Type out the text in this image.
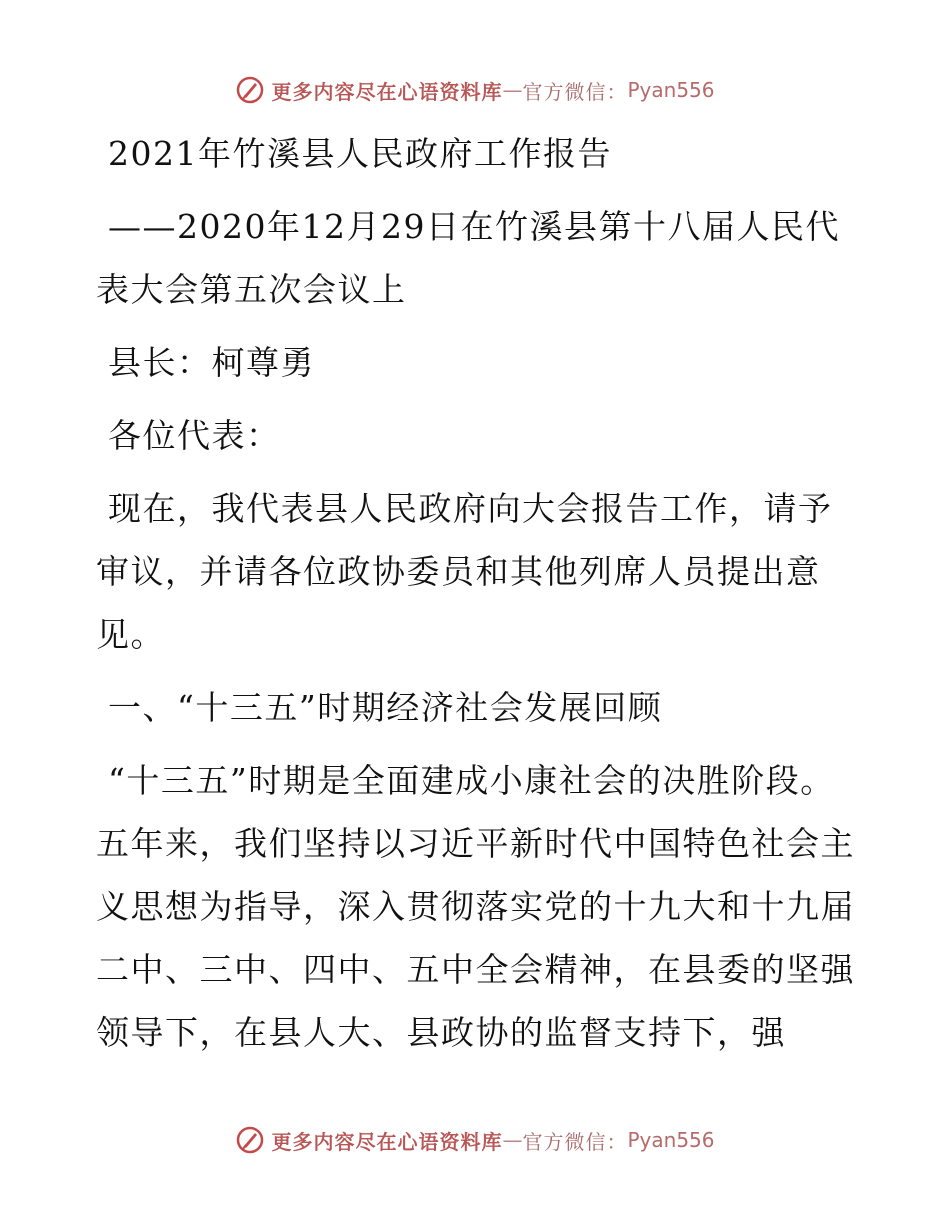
更多内容尽在心语资料库 — 官方微信： Pyan556

2021年竹溪县人民政府工作报告

——2020年12月29日在竹溪县第十八届人民代表大会第五次会议上

县长：柯尊勇

各位代表：

现在，我代表县人民政府向大会报告工作，请予审议，并请各位政协委员和其他列席人员提出意见。

一、“十三五”时期经济社会发展回顾

“十三五”时期是全面建成小康社会的决胜阶段。五年来，我们坚持以习近平新时代中国特色社会主义思想为指导，深入贯彻落实党的十九大和十九届二中、三中、四中、五中全会精神，在县委的坚强领导下，在县人大、县政协的监督支持下，强

更多内容尽在心语资料库 — 官方微信： Pyan556
